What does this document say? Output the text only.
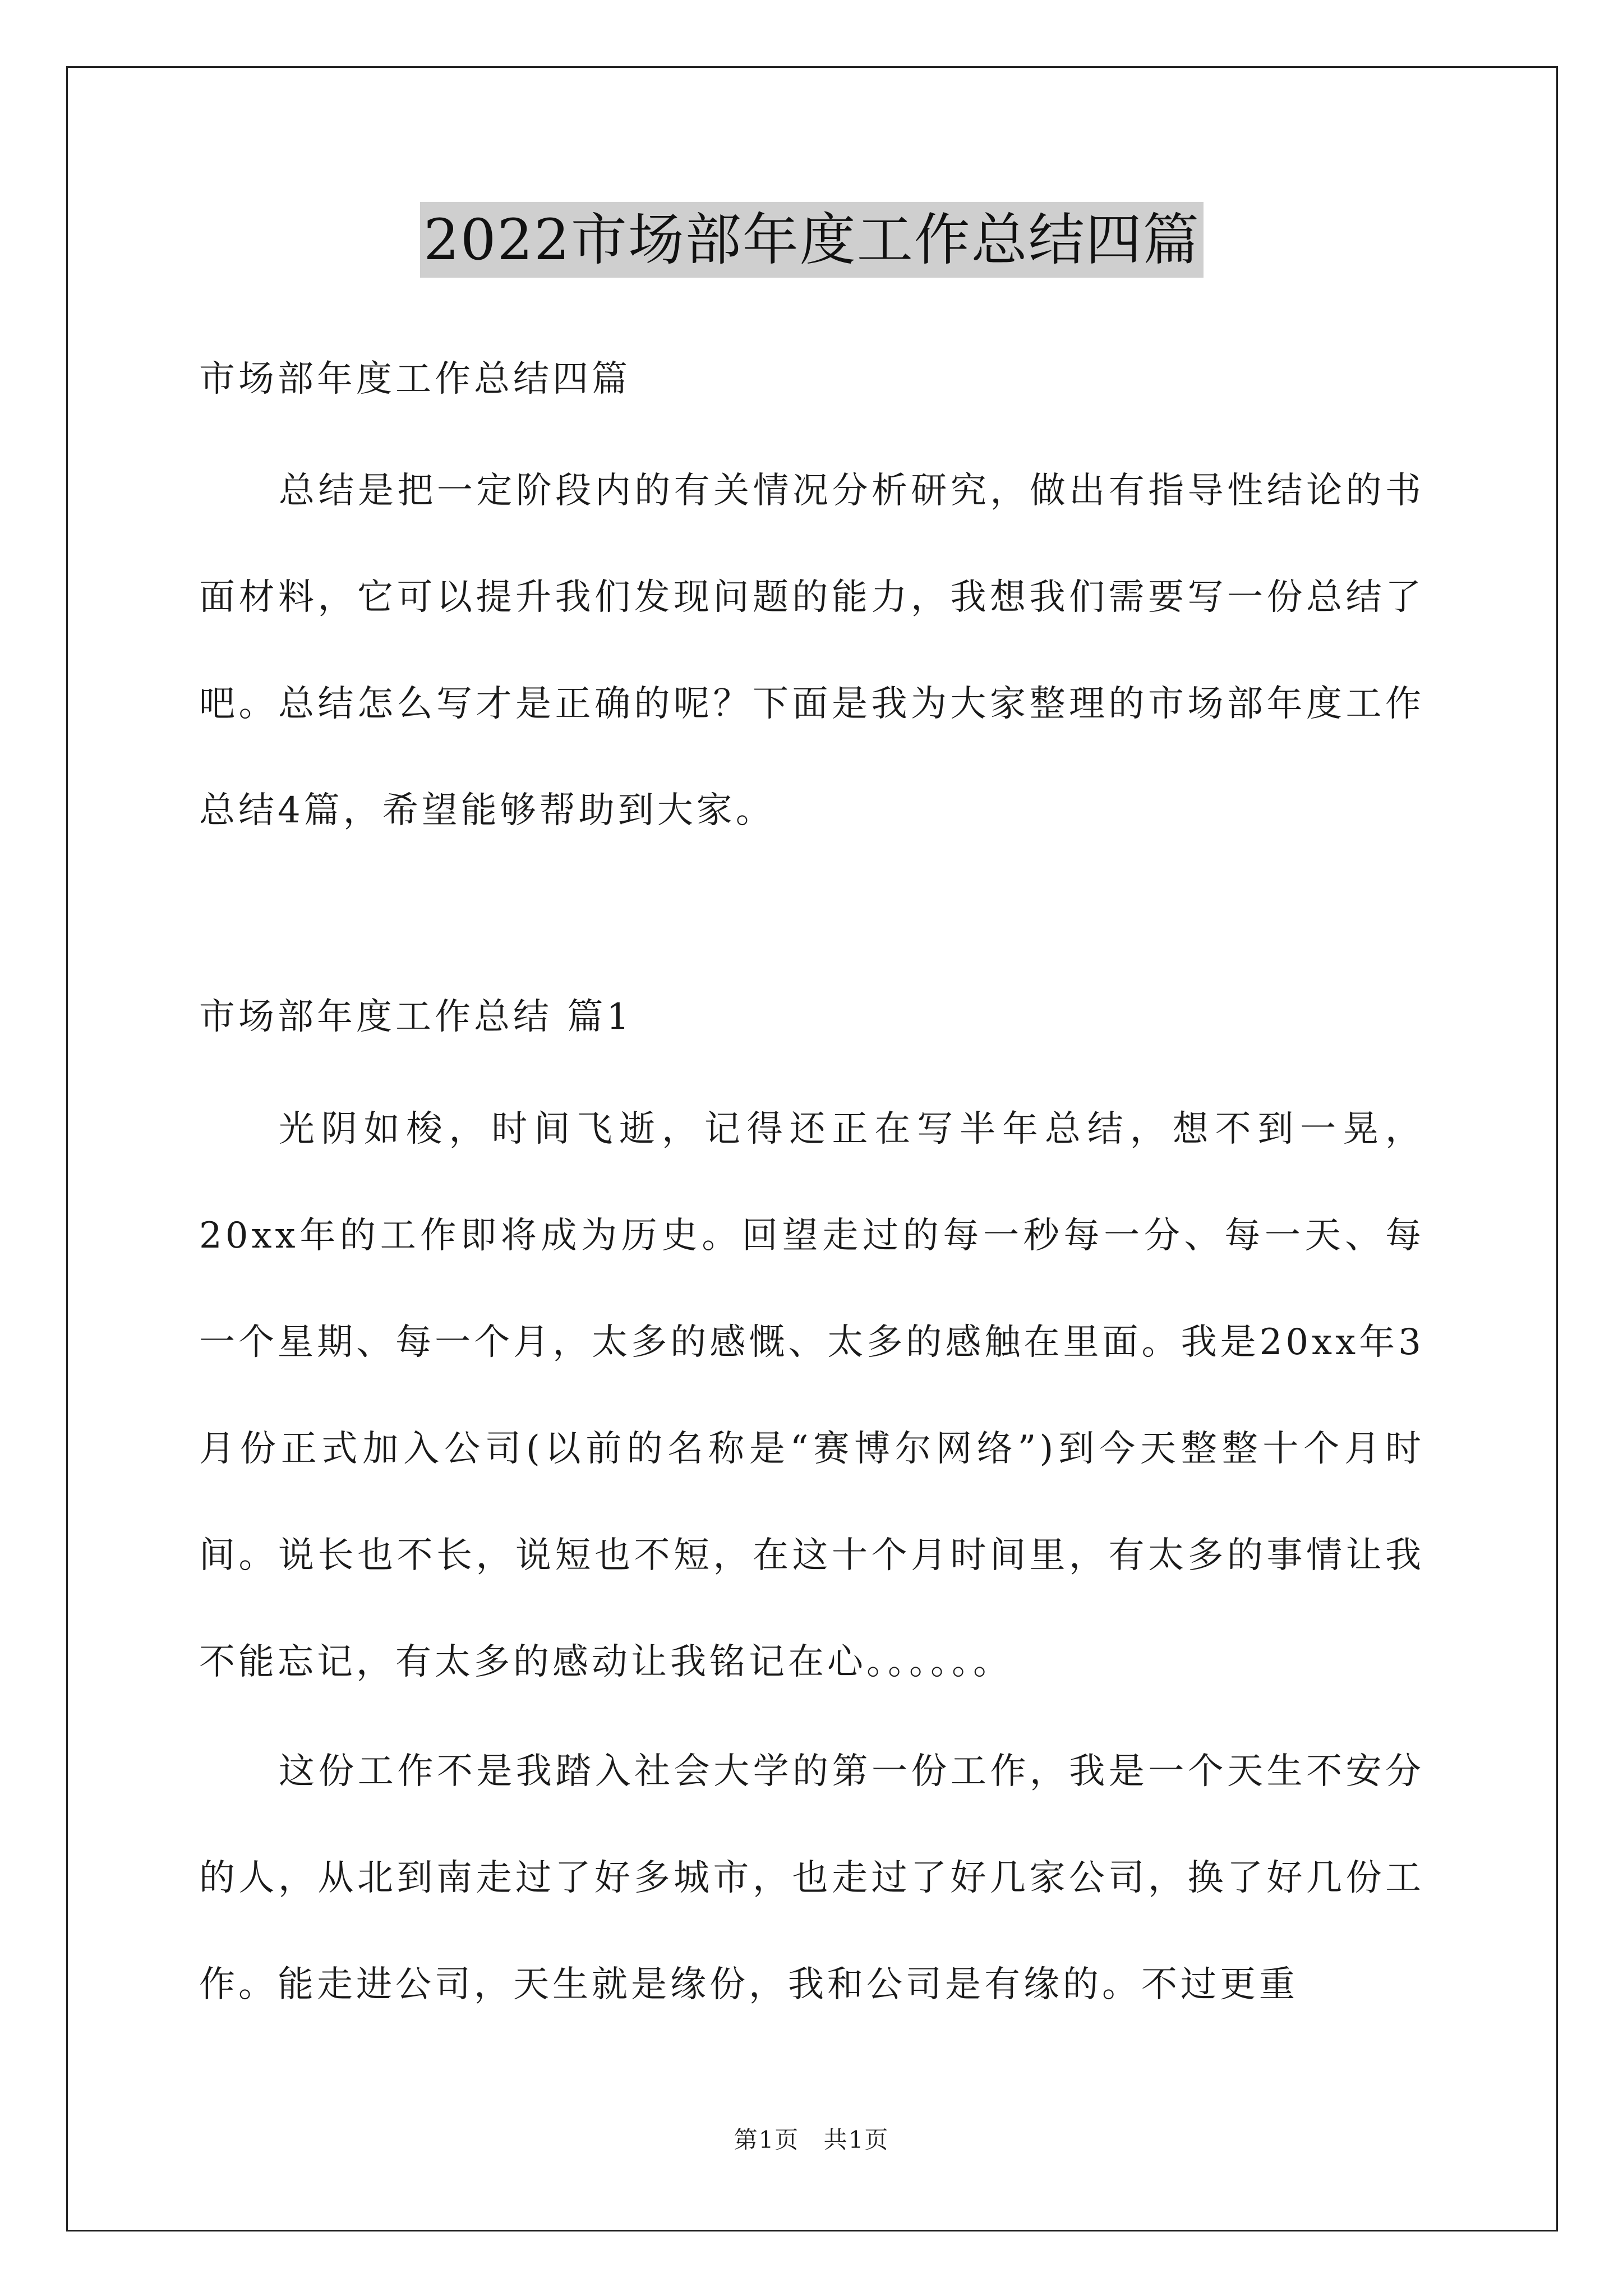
2022市场部年度工作总结四篇
市场部年度工作总结四篇
总结是把一定阶段内的有关情况分析研究，做出有指导性结论的书面材料，它可以提升我们发现问题的能力，我想我们需要写一份总结了吧。总结怎么写才是正确的呢？下面是我为大家整理的市场部年度工作总结4篇，希望能够帮助到大家。
市场部年度工作总结 篇1
光阴如梭，时间飞逝，记得还正在写半年总结，想不到一晃，20xx年的工作即将成为历史。回望走过的每一秒每一分、每一天、每一个星期、每一个月，太多的感慨、太多的感触在里面。我是20xx年3月份正式加入公司(以前的名称是“赛博尔网络”)到今天整整十个月时间。说长也不长，说短也不短，在这十个月时间里，有太多的事情让我不能忘记，有太多的感动让我铭记在心。。。。。。
这份工作不是我踏入社会大学的第一份工作，我是一个天生不安分的人，从北到南走过了好多城市，也走过了好几家公司，换了好几份工作。能走进公司，天生就是缘份，我和公司是有缘的。不过更重
第1页 共1页
